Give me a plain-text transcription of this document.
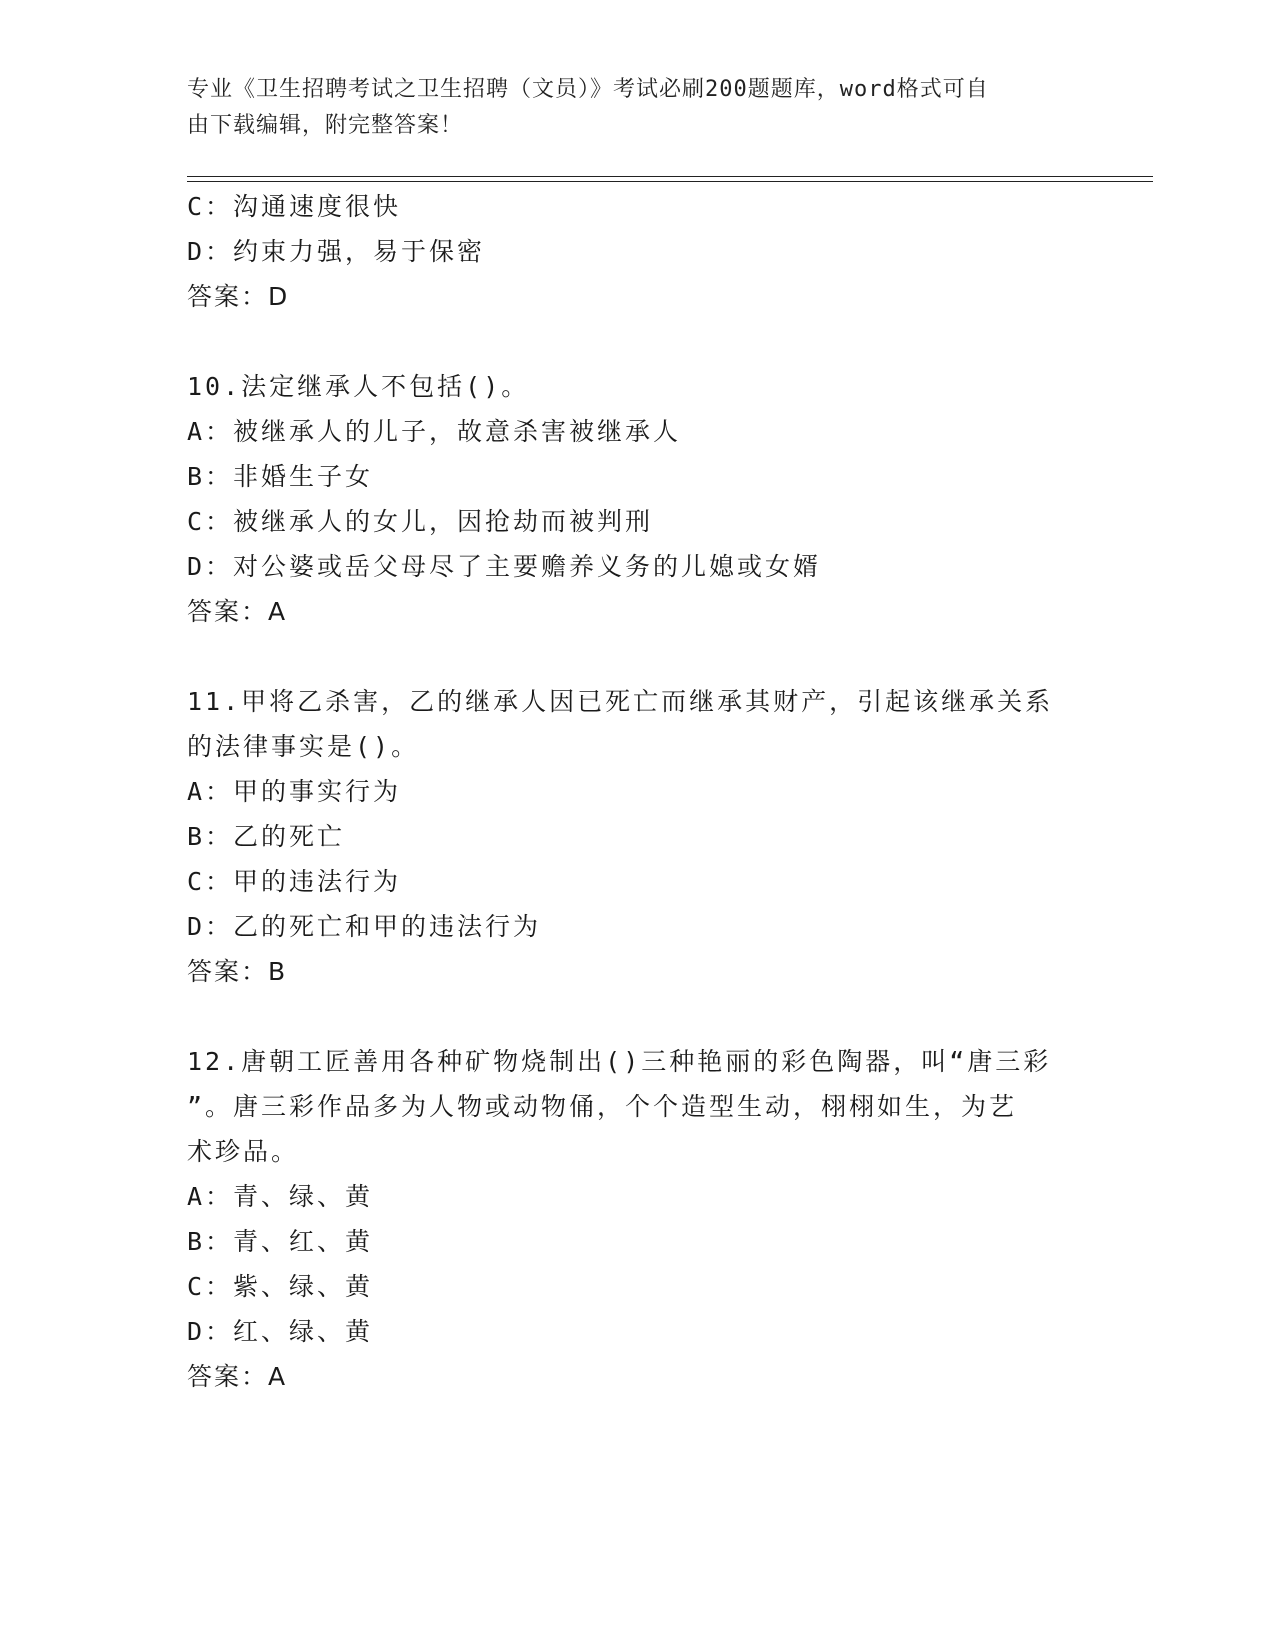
专业《卫生招聘考试之卫生招聘（文员）》考试必刷200题题库，word格式可自
由下载编辑，附完整答案！
C：沟通速度很快
D：约束力强，易于保密
答案：D
10.法定继承人不包括()。
A：被继承人的儿子，故意杀害被继承人
B：非婚生子女
C：被继承人的女儿，因抢劫而被判刑
D：对公婆或岳父母尽了主要赡养义务的儿媳或女婿
答案：A
11.甲将乙杀害，乙的继承人因已死亡而继承其财产，引起该继承关系
的法律事实是()。
A：甲的事实行为
B：乙的死亡
C：甲的违法行为
D：乙的死亡和甲的违法行为
答案：B
12.唐朝工匠善用各种矿物烧制出()三种艳丽的彩色陶器，叫“唐三彩
”。唐三彩作品多为人物或动物俑，个个造型生动，栩栩如生，为艺
术珍品。
A：青、绿、黄
B：青、红、黄
C：紫、绿、黄
D：红、绿、黄
答案：A
